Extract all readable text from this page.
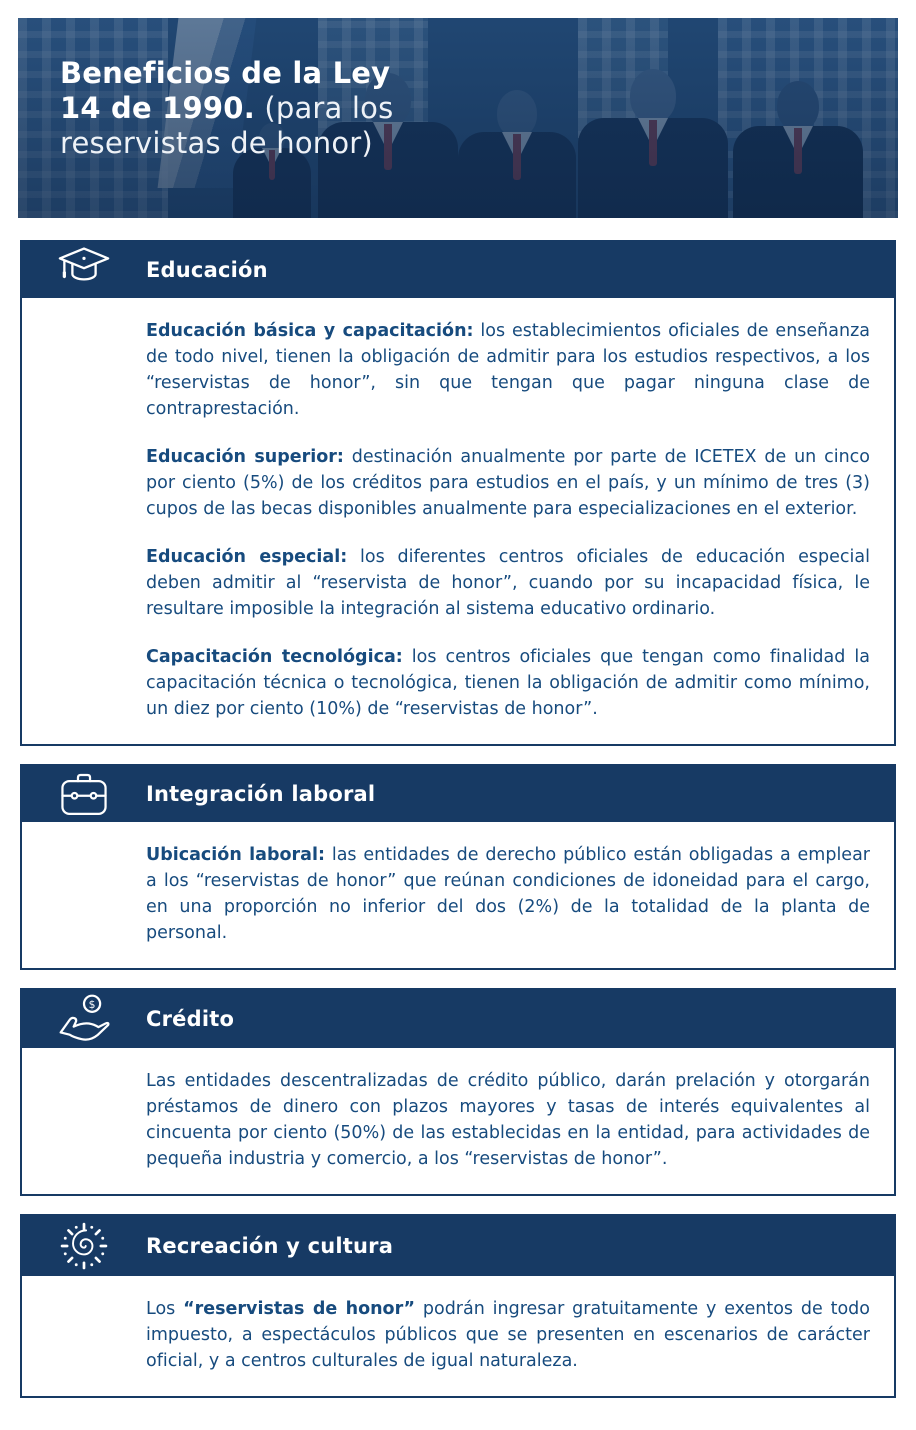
Beneficios de la Ley
14 de 1990. (para los
reservistas de honor)
Educación

Educación básica y capacitación: los establecimientos oficiales de enseñanza de todo nivel, tienen la obligación de admitir para los estudios respectivos, a los “reservistas de honor”, sin que tengan que pagar ninguna clase de contraprestación.

Educación superior: destinación anualmente por parte de ICETEX de un cinco por ciento (5%) de los créditos para estudios en el país, y un mínimo de tres (3) cupos de las becas disponibles anualmente para especializaciones en el exterior.

Educación especial: los diferentes centros oficiales de educación especial deben admitir al “reservista de honor”, cuando por su incapacidad física, le resultare imposible la integración al sistema educativo ordinario.

Capacitación tecnológica: los centros oficiales que tengan como finalidad la capacitación técnica o tecnológica, tienen la obligación de admitir como mínimo, un diez por ciento (10%) de “reservistas de honor”.

Integración laboral

Ubicación laboral: las entidades de derecho público están obligadas a emplear a los “reservistas de honor” que reúnan condiciones de idoneidad para el cargo, en una proporción no inferior del dos (2%) de la totalidad de la planta de personal.

$
Crédito

Las entidades descentralizadas de crédito público, darán prelación y otorgarán préstamos de dinero con plazos mayores y tasas de interés equivalentes al cincuenta por ciento (50%) de las establecidas en la entidad, para actividades de pequeña industria y comercio, a los “reservistas de honor”.

Recreación y cultura

Los “reservistas de honor” podrán ingresar gratuitamente y exentos de todo impuesto, a espectáculos públicos que se presenten en escenarios de carácter oficial, y a centros culturales de igual naturaleza.
